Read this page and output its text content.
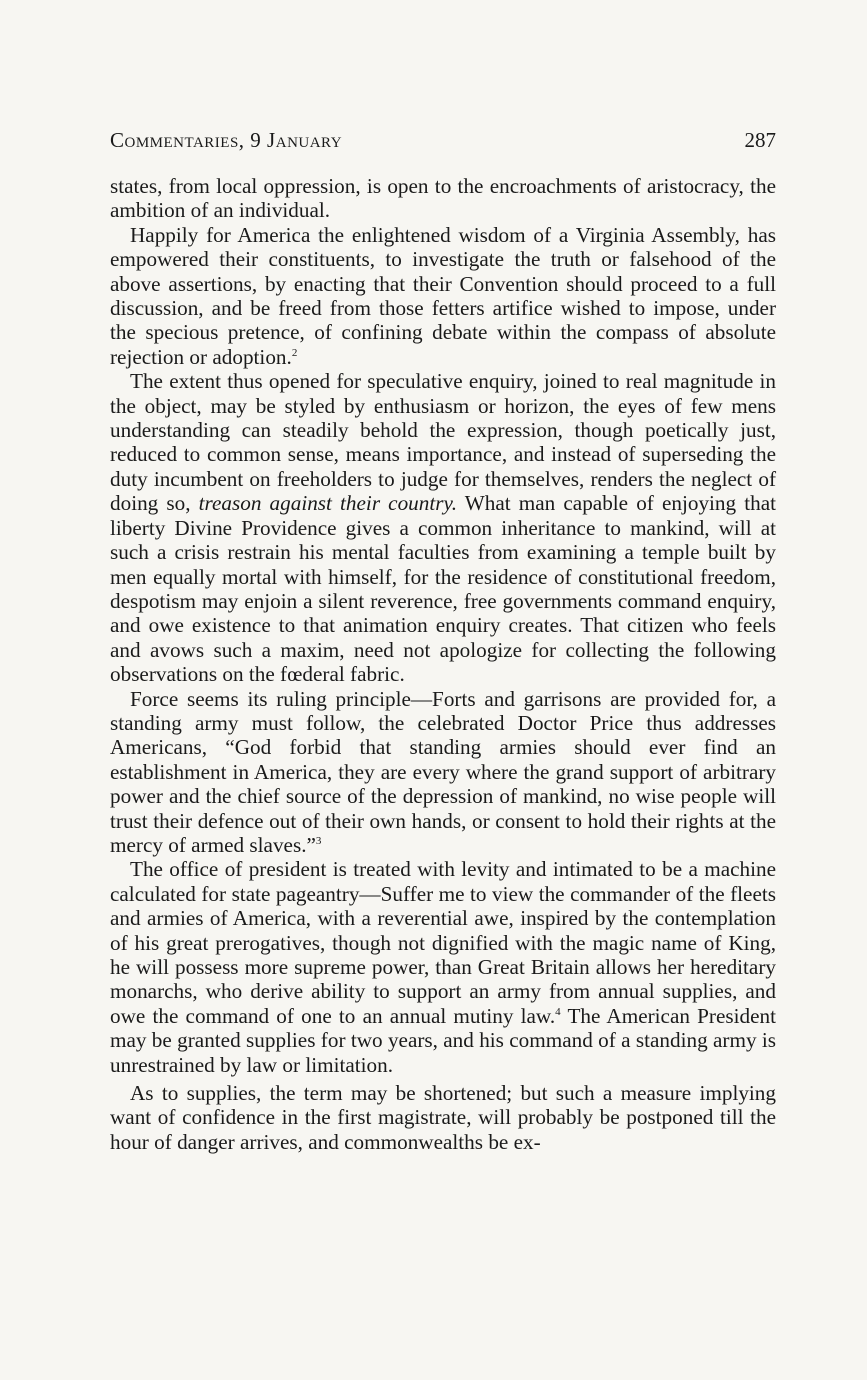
Commentaries, 9 January	287

states, from local oppression, is open to the encroachments of aristocracy, the ambition of an individual.

Happily for America the enlightened wisdom of a Virginia Assembly, has empowered their constituents, to investigate the truth or falsehood of the above assertions, by enacting that their Convention should proceed to a full discussion, and be freed from those fetters artifice wished to impose, under the specious pretence, of confining debate within the compass of absolute rejection or adoption.$^2$

The extent thus opened for speculative enquiry, joined to real magnitude in the object, may be styled by enthusiasm or horizon, the eyes of few mens understanding can steadily behold the expression, though poetically just, reduced to common sense, means importance, and instead of superseding the duty incumbent on freeholders to judge for themselves, renders the neglect of doing so, treason against their country. What man capable of enjoying that liberty Divine Providence gives a common inheritance to mankind, will at such a crisis restrain his mental faculties from examining a temple built by men equally mortal with himself, for the residence of constitutional freedom, despotism may enjoin a silent reverence, free governments command enquiry, and owe existence to that animation enquiry creates. That citizen who feels and avows such a maxim, need not apologize for collecting the following observations on the fœderal fabric.

Force seems its ruling principle—Forts and garrisons are provided for, a standing army must follow, the celebrated Doctor Price thus addresses Americans, “God forbid that standing armies should ever find an establishment in America, they are every where the grand support of arbitrary power and the chief source of the depression of mankind, no wise people will trust their defence out of their own hands, or consent to hold their rights at the mercy of armed slaves.”$^3$

The office of president is treated with levity and intimated to be a machine calculated for state pageantry—Suffer me to view the commander of the fleets and armies of America, with a reverential awe, inspired by the contemplation of his great prerogatives, though not dignified with the magic name of King, he will possess more supreme power, than Great Britain allows her hereditary monarchs, who derive ability to support an army from annual supplies, and owe the command of one to an annual mutiny law.$^4$ The American President may be granted supplies for two years, and his command of a standing army is unrestrained by law or limitation.

As to supplies, the term may be shortened; but such a measure implying want of confidence in the first magistrate, will probably be postponed till the hour of danger arrives, and commonwealths be ex-
